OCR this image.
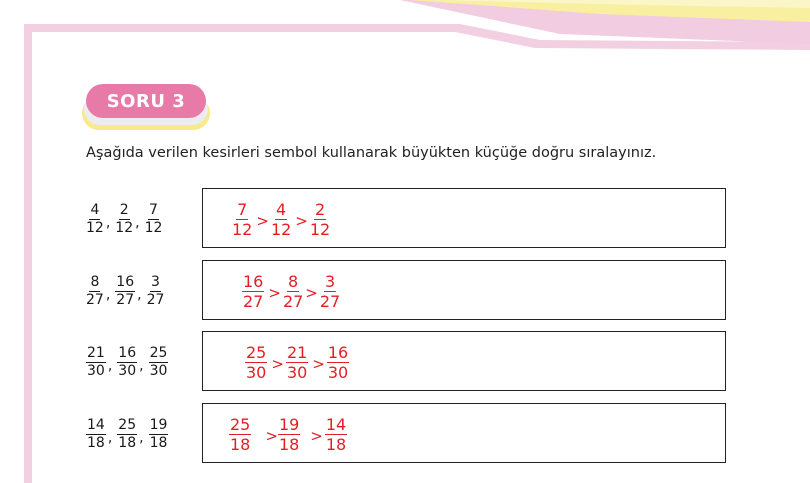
SORU 3
Aşağıda verilen kesirleri sembol kullanarak büyükten küçüğe doğru sıralayınız.
$\frac{4}{12}$ , $\frac{2}{12}$ , $\frac{7}{12}$	$\frac{7}{12} > \frac{4}{12} > \frac{2}{12}$
$\frac{8}{27}$ , $\frac{16}{27}$ , $\frac{3}{27}$	$\frac{16}{27} > \frac{8}{27} > \frac{3}{27}$
$\frac{21}{30}$ , $\frac{16}{30}$ , $\frac{25}{30}$	$\frac{25}{30} > \frac{21}{30} > \frac{16}{30}$
$\frac{14}{18}$ , $\frac{25}{18}$ , $\frac{19}{18}$	$\frac{25}{18} > \frac{19}{18} > \frac{14}{18}$
